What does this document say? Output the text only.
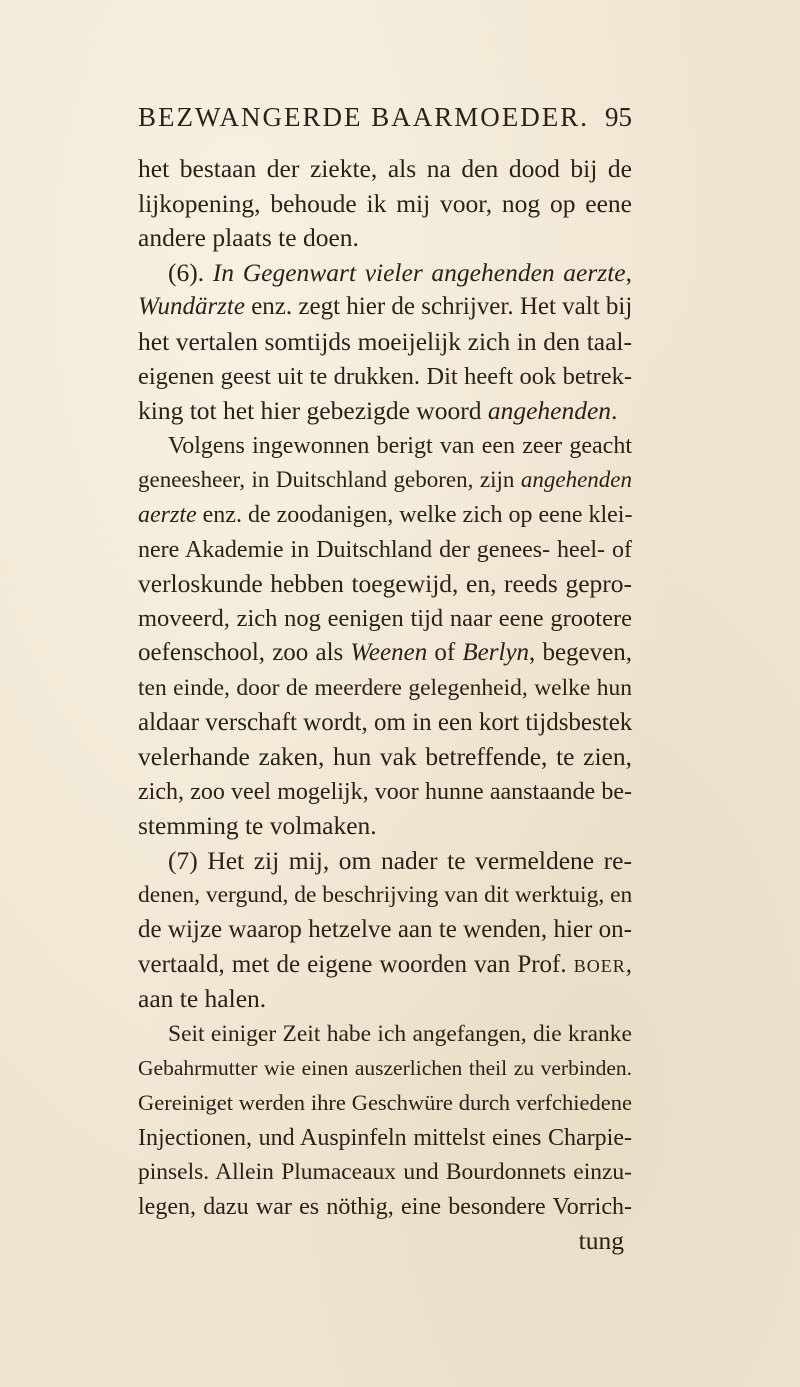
BEZWANGERDE BAARMOEDER. 95
het bestaan der ziekte, als na den dood bij de
lijkopening, behoude ik mij voor, nog op eene
andere plaats te doen.
(6). In Gegenwart vieler angehenden aerzte,
Wundärzte enz. zegt hier de schrijver. Het valt bij
het vertalen somtijds moeijelijk zich in den taal-
eigenen geest uit te drukken. Dit heeft ook betrek-
king tot het hier gebezigde woord angehenden.
Volgens ingewonnen berigt van een zeer geacht
geneesheer, in Duitschland geboren, zijn angehenden
aerzte enz. de zoodanigen, welke zich op eene klei-
nere Akademie in Duitschland der genees- heel- of
verloskunde hebben toegewijd, en, reeds gepro-
moveerd, zich nog eenigen tijd naar eene grootere
oefenschool, zoo als Weenen of Berlyn, begeven,
ten einde, door de meerdere gelegenheid, welke hun
aldaar verschaft wordt, om in een kort tijdsbestek
velerhande zaken, hun vak betreffende, te zien,
zich, zoo veel mogelijk, voor hunne aanstaande be-
stemming te volmaken.
(7) Het zij mij, om nader te vermeldene re-
denen, vergund, de beschrijving van dit werktuig, en
de wijze waarop hetzelve aan te wenden, hier on-
vertaald, met de eigene woorden van Prof. boer,
aan te halen.
Seit einiger Zeit habe ich angefangen, die kranke
Gebahrmutter wie einen auszerlichen theil zu verbinden.
Gereiniget werden ihre Geschwüre durch verfchiedene
Injectionen, und Auspinfeln mittelst eines Charpie-
pinsels. Allein Plumaceaux und Bourdonnets einzu-
legen, dazu war es nöthig, eine besondere Vorrich-
tung
